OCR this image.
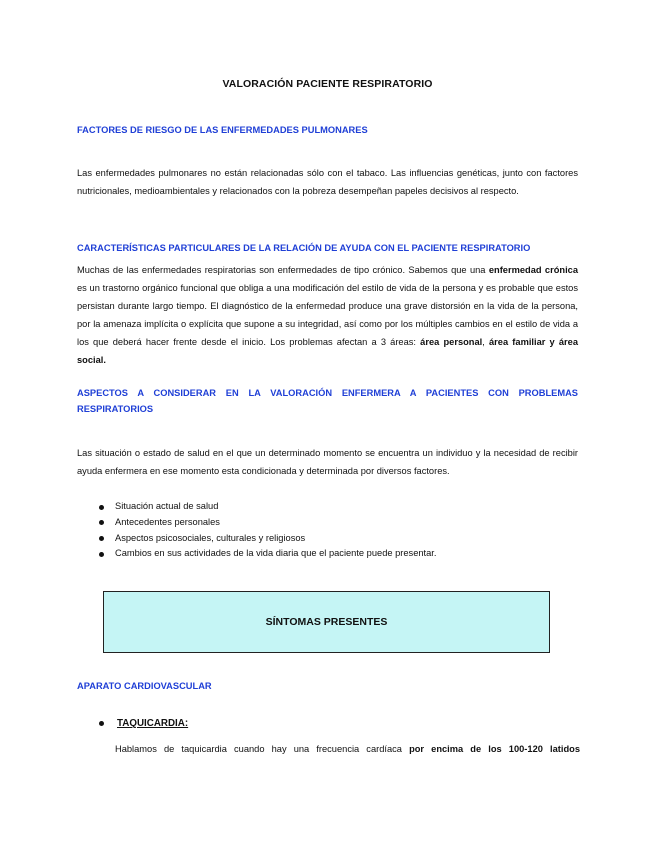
VALORACIÓN PACIENTE RESPIRATORIO
FACTORES DE RIESGO DE LAS ENFERMEDADES PULMONARES
Las enfermedades pulmonares no están relacionadas sólo con el tabaco. Las influencias genéticas, junto con factores nutricionales, medioambientales y relacionados con la pobreza desempeñan papeles decisivos al respecto.
CARACTERÍSTICAS PARTICULARES DE LA RELACIÓN DE AYUDA CON EL PACIENTE RESPIRATORIO
Muchas de las enfermedades respiratorias son enfermedades de tipo crónico. Sabemos que una enfermedad crónica es un trastorno orgánico funcional que obliga a una modificación del estilo de vida de la persona y es probable que estos persistan durante largo tiempo. El diagnóstico de la enfermedad produce una grave distorsión en la vida de la persona, por la amenaza implícita o explícita que supone a su integridad, así como por los múltiples cambios en el estilo de vida a los que deberá hacer frente desde el inicio. Los problemas afectan a 3 áreas: área personal, área familiar y área social.
ASPECTOS A CONSIDERAR EN LA VALORACIÓN ENFERMERA A PACIENTES CON PROBLEMAS RESPIRATORIOS
Las situación o estado de salud en el que un determinado momento se encuentra un individuo y la necesidad de recibir ayuda enfermera en ese momento esta condicionada y determinada por diversos factores.
Situación actual de salud
Antecedentes personales
Aspectos psicosociales, culturales y religiosos
Cambios en sus actividades de la vida diaria que el paciente puede presentar.
SÍNTOMAS PRESENTES
APARATO CARDIOVASCULAR
TAQUICARDIA:
Hablamos de taquicardia cuando hay una frecuencia cardíaca por encima de los 100-120 latidos
